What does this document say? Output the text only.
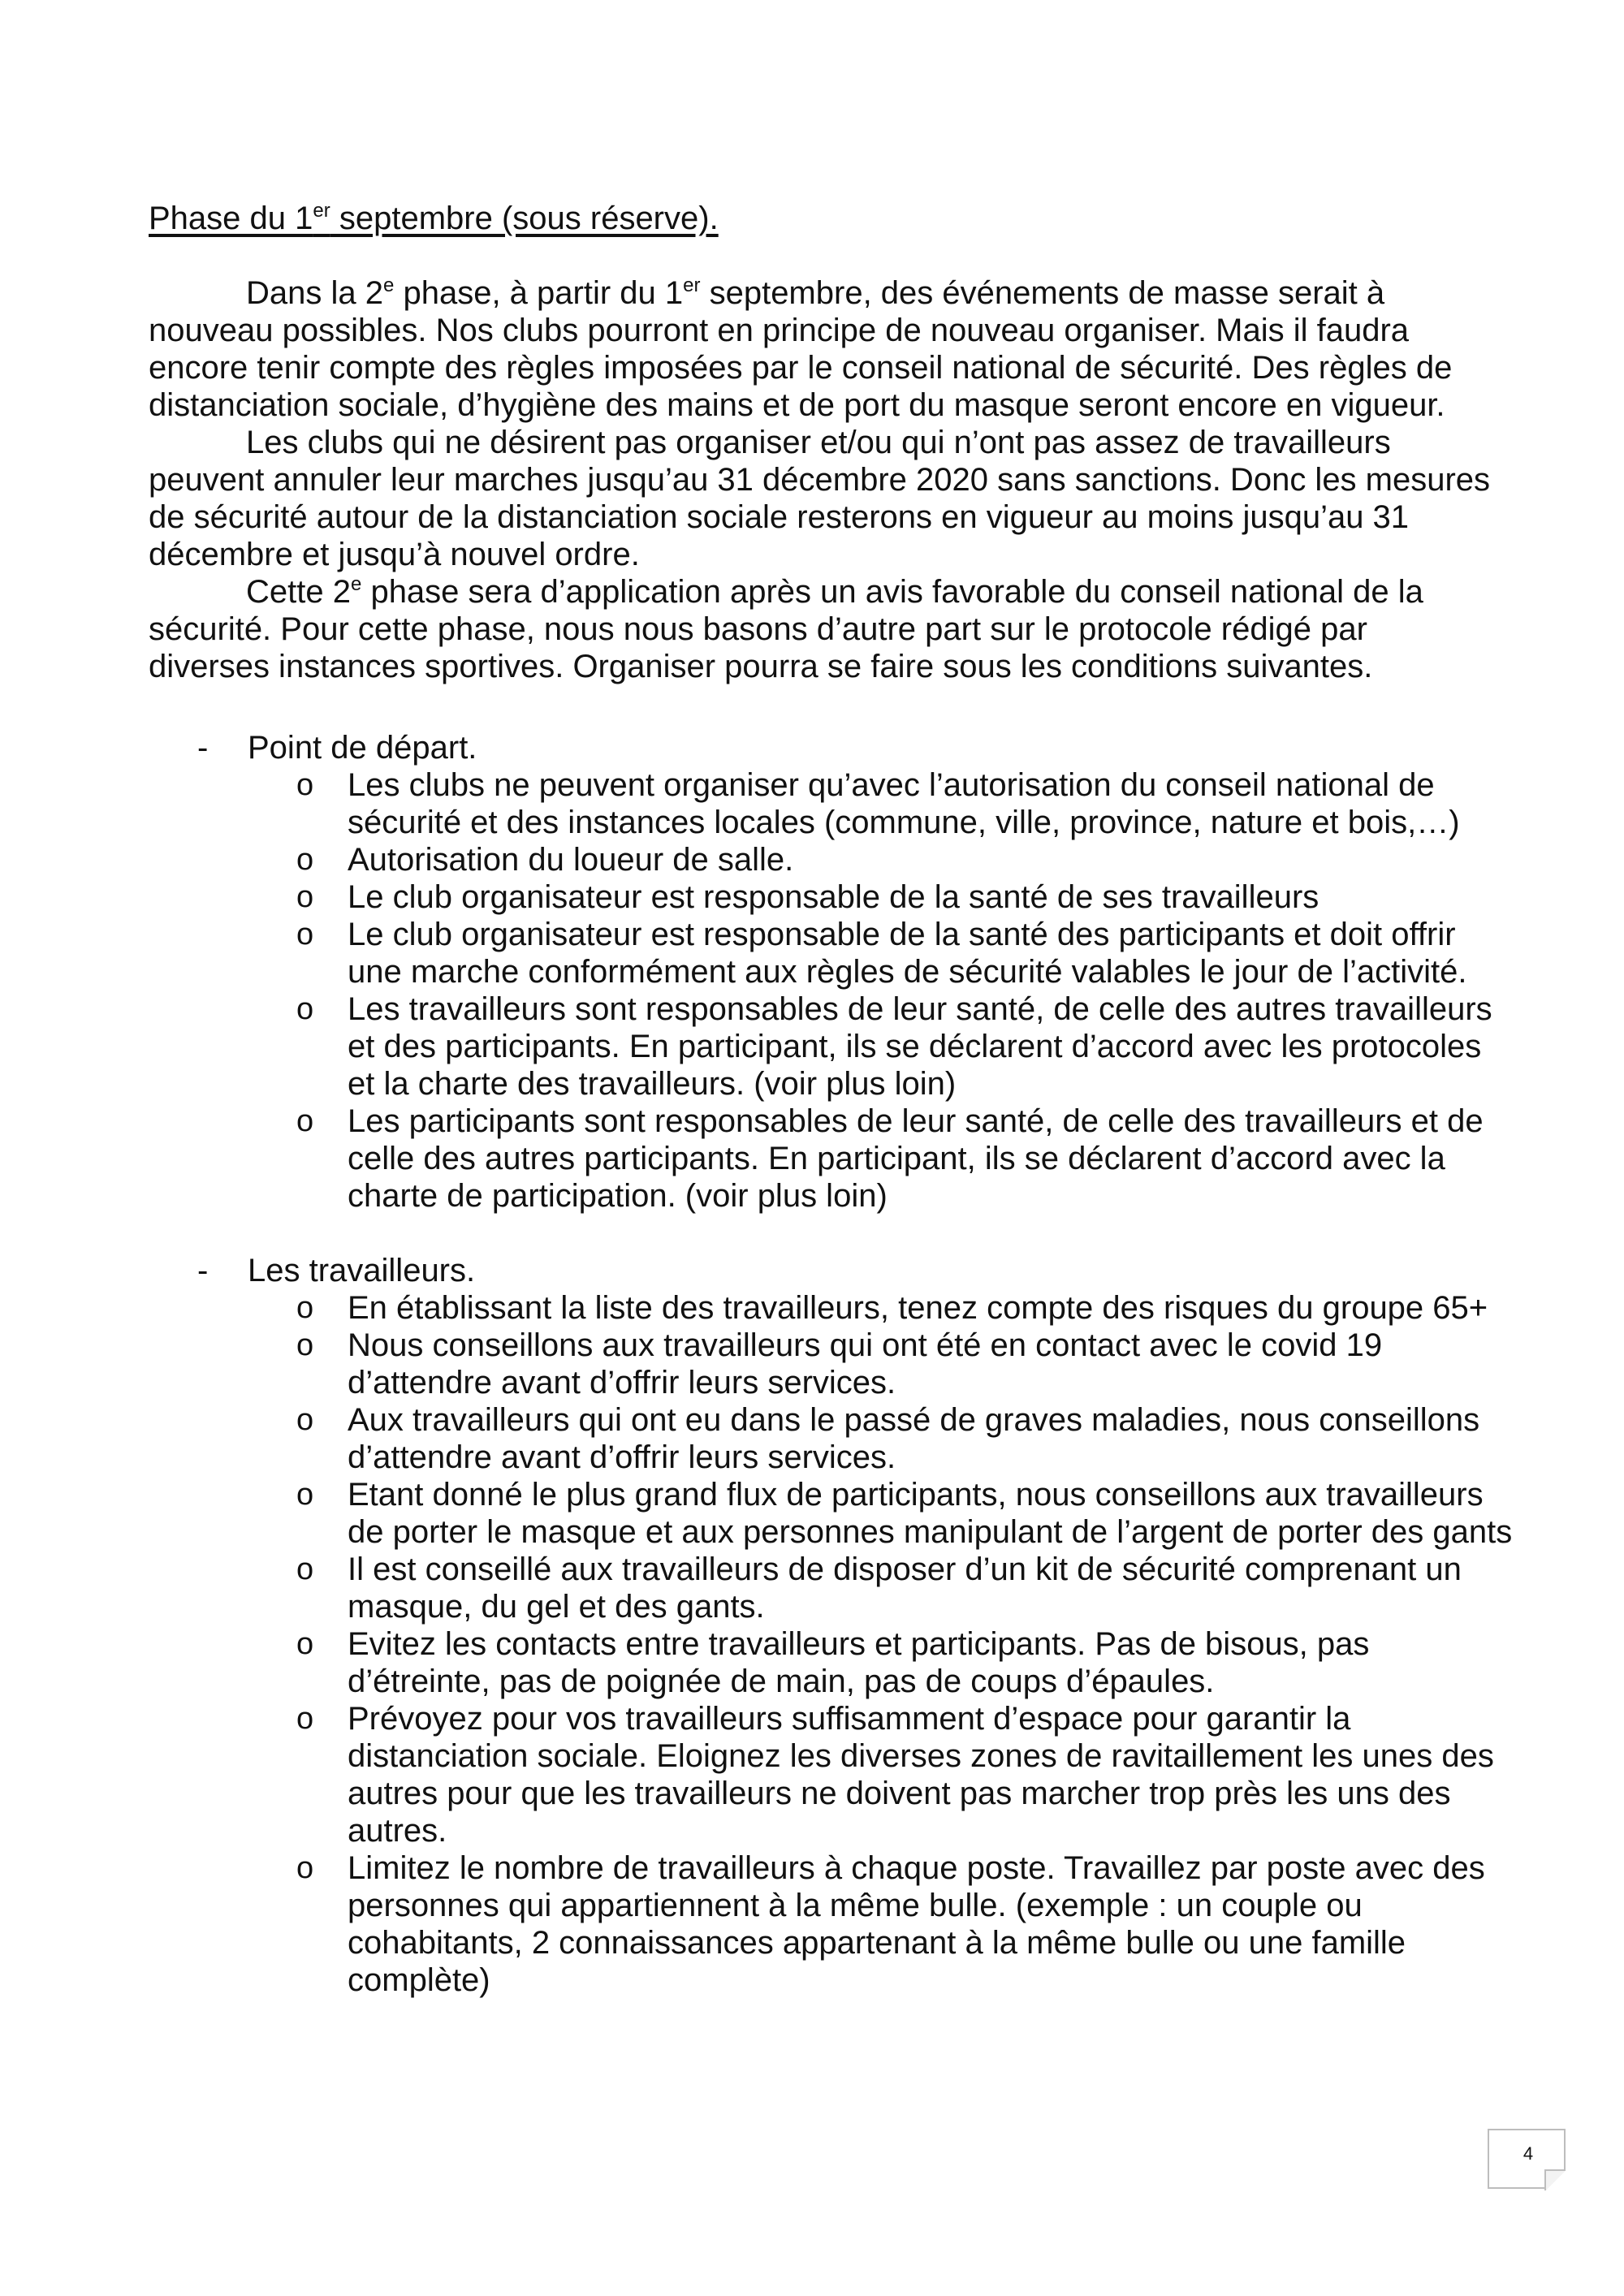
Phase du 1er septembre (sous réserve).

Dans la 2e phase, à partir du 1er septembre, des événements de masse serait à nouveau possibles. Nos clubs pourront en principe de nouveau organiser. Mais il faudra encore tenir compte des règles imposées par le conseil national de sécurité. Des règles de distanciation sociale, d’hygiène des mains et de port du masque seront encore en vigueur.

Les clubs qui ne désirent pas organiser et/ou qui n’ont pas assez de travailleurs peuvent annuler leur marches jusqu’au 31 décembre 2020 sans sanctions. Donc les mesures de sécurité autour de la distanciation sociale resterons en vigueur au moins jusqu’au 31 décembre et jusqu’à nouvel ordre.

Cette 2e phase sera d’application après un avis favorable du conseil national de la sécurité. Pour cette phase, nous nous basons d’autre part sur le protocole rédigé par diverses instances sportives. Organiser pourra se faire sous les conditions suivantes.

- Point de départ.
o Les clubs ne peuvent organiser qu’avec l’autorisation du conseil national de sécurité et des instances locales (commune, ville, province, nature et bois,…)
o Autorisation du loueur de salle.
o Le club organisateur est responsable de la santé de ses travailleurs
o Le club organisateur est responsable de la santé des participants et doit offrir une marche conformément aux règles de sécurité valables le jour de l’activité.
o Les travailleurs sont responsables de leur santé, de celle des autres travailleurs et des participants. En participant, ils se déclarent d’accord avec les protocoles et la charte des travailleurs. (voir plus loin)
o Les participants sont responsables de leur santé, de celle des travailleurs et de celle des autres participants. En participant, ils se déclarent d’accord avec la charte de participation. (voir plus loin)
- Les travailleurs.
o En établissant la liste des travailleurs, tenez compte des risques du groupe 65+
o Nous conseillons aux travailleurs qui ont été en contact avec le covid 19 d’attendre avant d’offrir leurs services.
o Aux travailleurs qui ont eu dans le passé de graves maladies, nous conseillons d’attendre avant d’offrir leurs services.
o Etant donné le plus grand flux de participants, nous conseillons aux travailleurs de porter le masque et aux personnes manipulant de l’argent de porter des gants
o Il est conseillé aux travailleurs de disposer d’un kit de sécurité comprenant un masque, du gel et des gants.
o Evitez les contacts entre travailleurs et participants. Pas de bisous, pas d’étreinte, pas de poignée de main, pas de coups d’épaules.
o Prévoyez pour vos travailleurs suffisamment d’espace pour garantir la distanciation sociale. Eloignez les diverses zones de ravitaillement les unes des autres pour que les travailleurs ne doivent pas marcher trop près les uns des autres.
o Limitez le nombre de travailleurs à chaque poste. Travaillez par poste avec des personnes qui appartiennent à la même bulle. (exemple : un couple ou cohabitants, 2 connaissances appartenant à la même bulle ou une famille complète)
4
